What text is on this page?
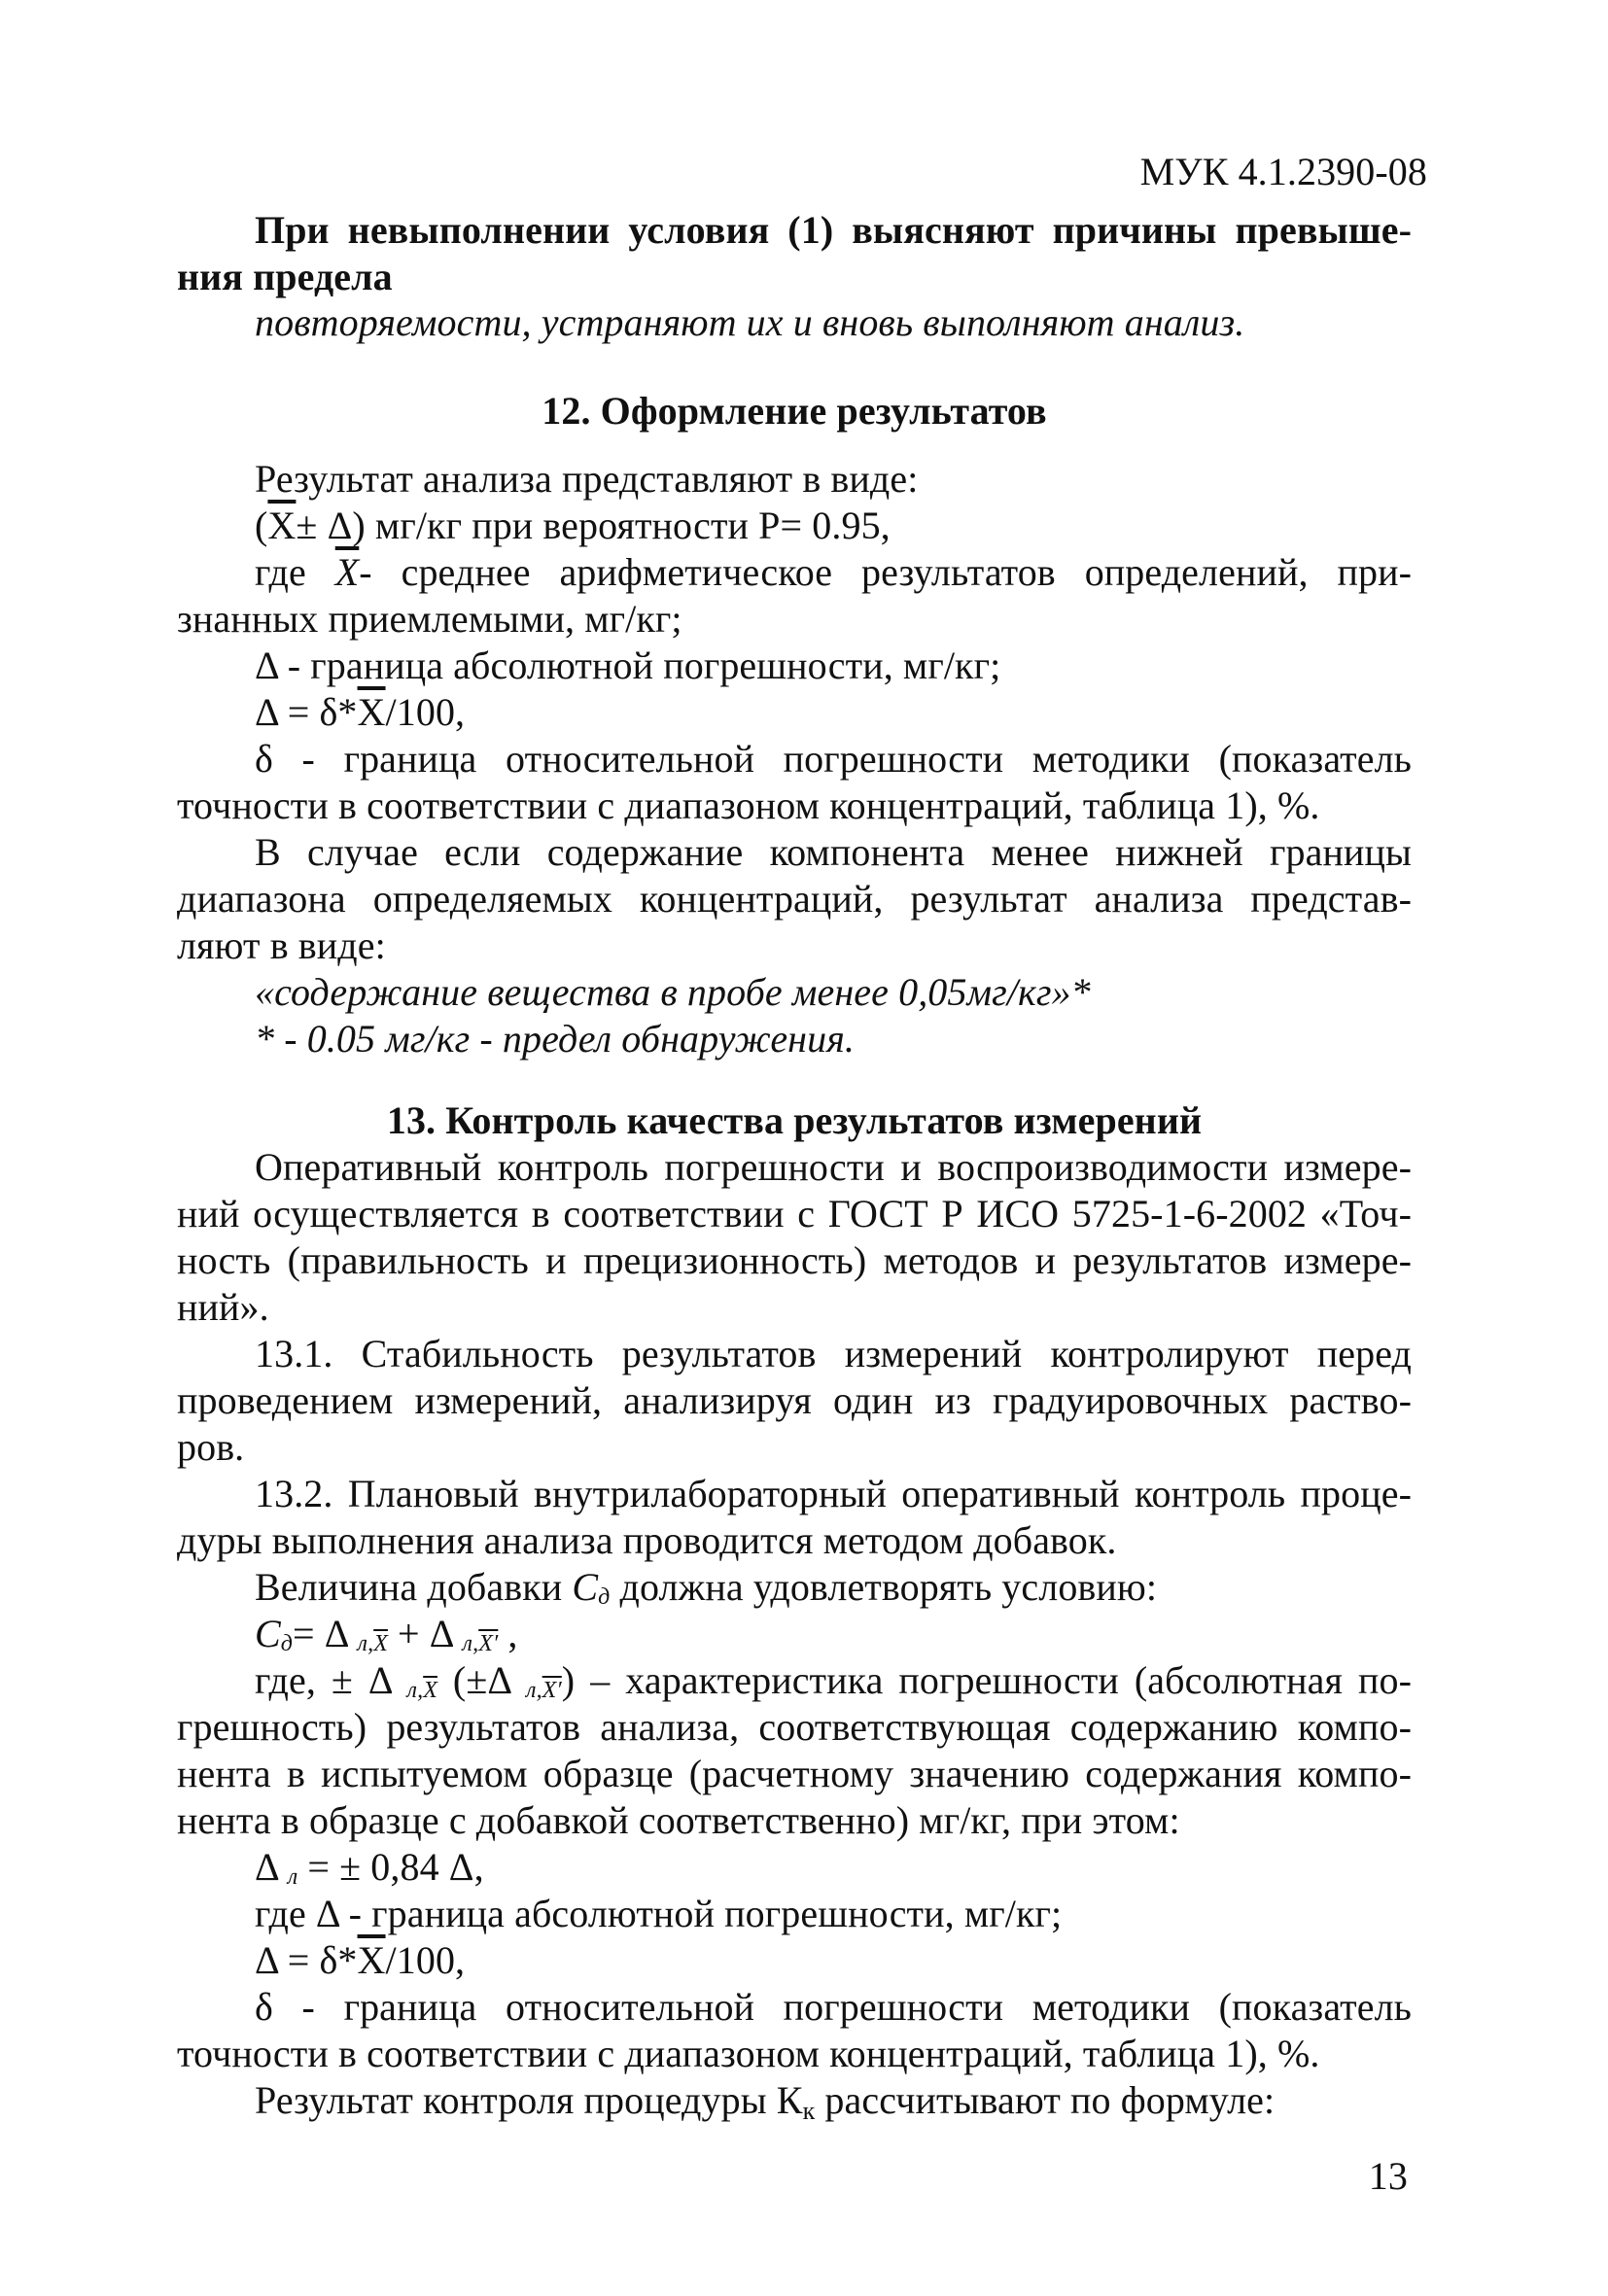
МУК 4.1.2390-08
При невыполнении условия (1) выясняют причины превыше-
ния предела
повторяемости, устраняют их и вновь выполняют анализ.
12. Оформление результатов
Результат анализа представляют в виде:
$(\overline{X}\pm \Delta)$ мг/кг при вероятности Р= 0.95,
где $\overline{X}-$ среднее арифметическое результатов определений, при-
знанных приемлемыми, мг/кг;
Δ - граница абсолютной погрешности, мг/кг;
$\Delta = \delta*\overline{X}/100$,
δ - граница относительной погрешности методики (показатель
точности в соответствии с диапазоном концентраций, таблица 1), %.
В случае если содержание компонента менее нижней границы
диапазона определяемых концентраций, результат анализа представ-
ляют в виде:
«содержание вещества в пробе менее 0,05мг/кг»*
* - 0.05 мг/кг - предел обнаружения.
13. Контроль качества результатов измерений
Оперативный контроль погрешности и воспроизводимости измере-
ний осуществляется в соответствии с ГОСТ Р ИСО 5725-1-6-2002 «Точ-
ность (правильность и прецизионность) методов и результатов измере-
ний».
13.1. Стабильность результатов измерений контролируют перед
проведением измерений, анализируя один из градуировочных раство-
ров.
13.2. Плановый внутрилабораторный оперативный контроль проце-
дуры выполнения анализа проводится методом добавок.
Величина добавки Сд должна удовлетворять условию:
Сд= Δ $л,\overline{X} + \Delta$ л,X′ ,
где, ± Δ $л,\overline{X}$ (±Δ л,X′) – характеристика погрешности (абсолютная по-
грешность) результатов анализа, соответствующая содержанию компо-
нента в испытуемом образце (расчетному значению содержания компо-
нента в образце с добавкой соответственно) мг/кг, при этом:
Δ л = ± 0,84 Δ,
где Δ - граница абсолютной погрешности, мг/кг;
$\Delta = \delta*\overline{X}/100$,
δ - граница относительной погрешности методики (показатель
точности в соответствии с диапазоном концентраций, таблица 1), %.
Результат контроля процедуры Кк рассчитывают по формуле:
13
